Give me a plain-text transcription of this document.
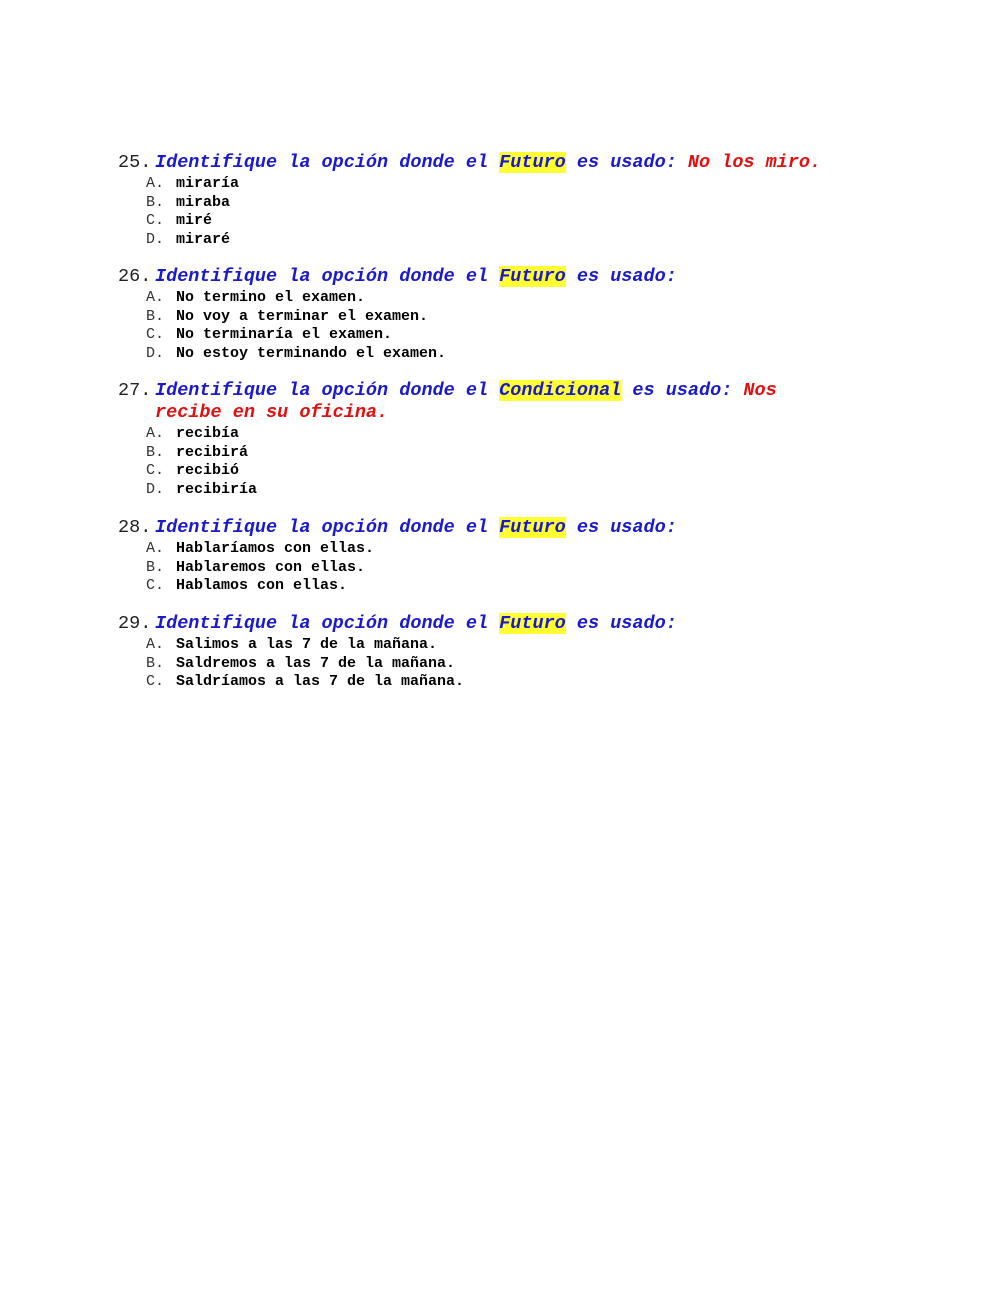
25. Identifique la opción donde el Futuro es usado: No los miro.
A. miraría
B. miraba
C. miré
D. miraré
26. Identifique la opción donde el Futuro es usado:
A. No termino el examen.
B. No voy a terminar el examen.
C. No terminaría el examen.
D. No estoy terminando el examen.
27. Identifique la opción donde el Condicional es usado: Nos
recibe en su oficina.
A. recibía
B. recibirá
C. recibió
D. recibiría
28. Identifique la opción donde el Futuro es usado:
A. Hablaríamos con ellas.
B. Hablaremos con ellas.
C. Hablamos con ellas.
29. Identifique la opción donde el Futuro es usado:
A. Salimos a las 7 de la mañana.
B. Saldremos a las 7 de la mañana.
C. Saldríamos a las 7 de la mañana.
